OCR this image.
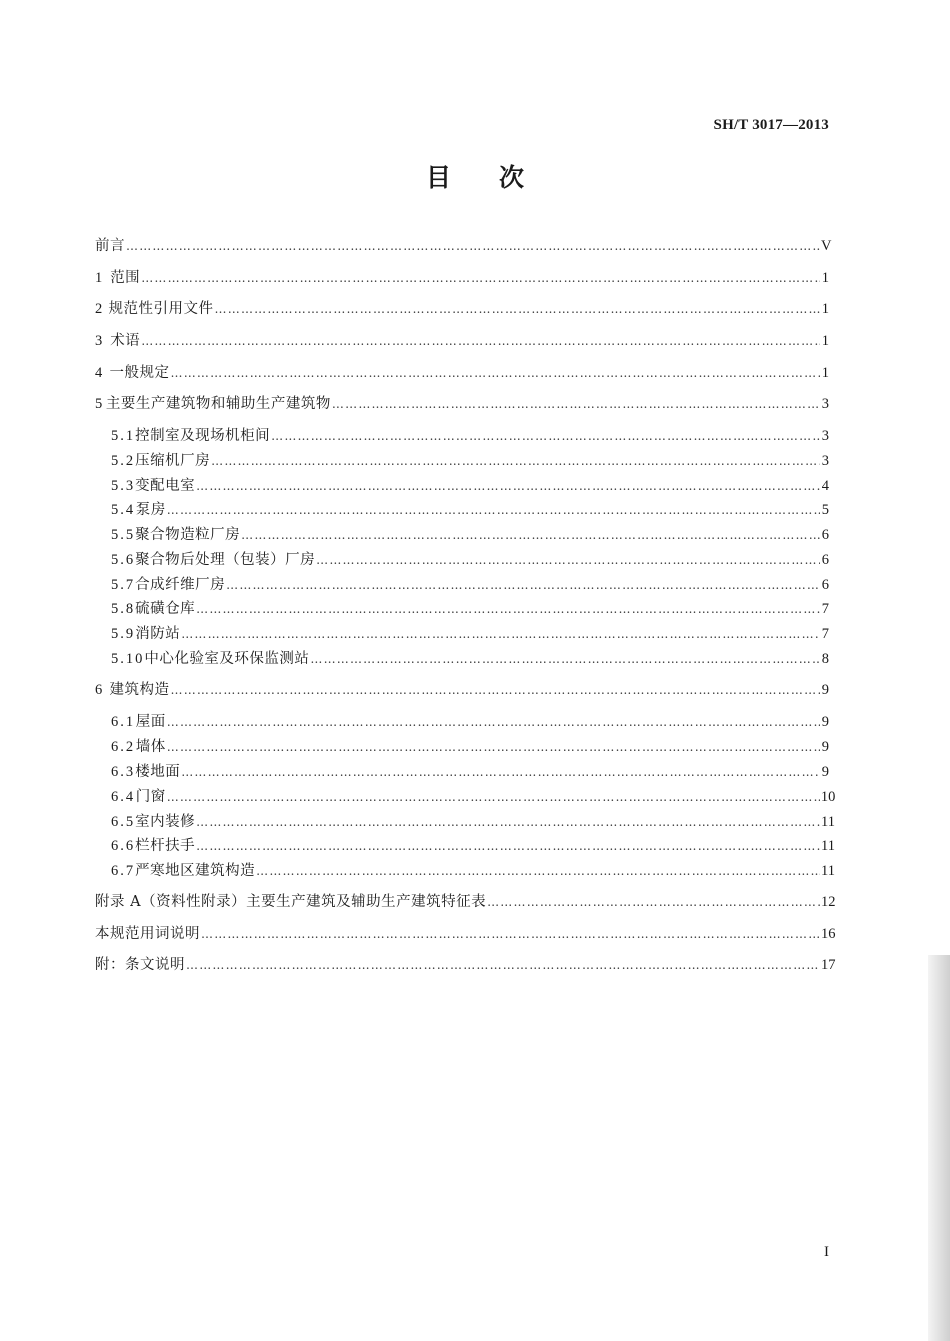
SH/T 3017—2013
目次
前言 …………………………………………………………………………………………………………………………………………………………………………………………………………………………………………	V
1 范围 …………………………………………………………………………………………………………………………………………………………………………………………………………………………………………	1
2 规范性引用文件 …………………………………………………………………………………………………………………………………………………………………………………………………………………………………………	1
3 术语 …………………………………………………………………………………………………………………………………………………………………………………………………………………………………………	1
4 一般规定 …………………………………………………………………………………………………………………………………………………………………………………………………………………………………………	1
5 主要生产建筑物和辅助生产建筑物 …………………………………………………………………………………………………………………………………………………………………………………………………………………………………………	3
5.1 控制室及现场机柜间 …………………………………………………………………………………………………………………………………………………………………………………………………………………………………………	3
5.2 压缩机厂房 …………………………………………………………………………………………………………………………………………………………………………………………………………………………………………	3
5.3 变配电室 …………………………………………………………………………………………………………………………………………………………………………………………………………………………………………	4
5.4 泵房 …………………………………………………………………………………………………………………………………………………………………………………………………………………………………………	5
5.5 聚合物造粒厂房 …………………………………………………………………………………………………………………………………………………………………………………………………………………………………………	6
5.6 聚合物后处理（包装）厂房 …………………………………………………………………………………………………………………………………………………………………………………………………………………………………………	6
5.7 合成纤维厂房 …………………………………………………………………………………………………………………………………………………………………………………………………………………………………………	6
5.8 硫磺仓库 …………………………………………………………………………………………………………………………………………………………………………………………………………………………………………	7
5.9 消防站 …………………………………………………………………………………………………………………………………………………………………………………………………………………………………………	7
5.10 中心化验室及环保监测站 …………………………………………………………………………………………………………………………………………………………………………………………………………………………………………	8
6 建筑构造 …………………………………………………………………………………………………………………………………………………………………………………………………………………………………………	9
6.1 屋面 …………………………………………………………………………………………………………………………………………………………………………………………………………………………………………	9
6.2 墙体 …………………………………………………………………………………………………………………………………………………………………………………………………………………………………………	9
6.3 楼地面 …………………………………………………………………………………………………………………………………………………………………………………………………………………………………………	9
6.4 门窗 …………………………………………………………………………………………………………………………………………………………………………………………………………………………………………	10
6.5 室内装修 …………………………………………………………………………………………………………………………………………………………………………………………………………………………………………	11
6.6 栏杆扶手 …………………………………………………………………………………………………………………………………………………………………………………………………………………………………………	11
6.7 严寒地区建筑构造 …………………………………………………………………………………………………………………………………………………………………………………………………………………………………………	11
附录 A（资料性附录）主要生产建筑及辅助生产建筑特征表 …………………………………………………………………………………………………………………………………………………………………………………………………………………………………………	12
本规范用词说明 …………………………………………………………………………………………………………………………………………………………………………………………………………………………………………	16
附：条文说明 …………………………………………………………………………………………………………………………………………………………………………………………………………………………………………	17
I
